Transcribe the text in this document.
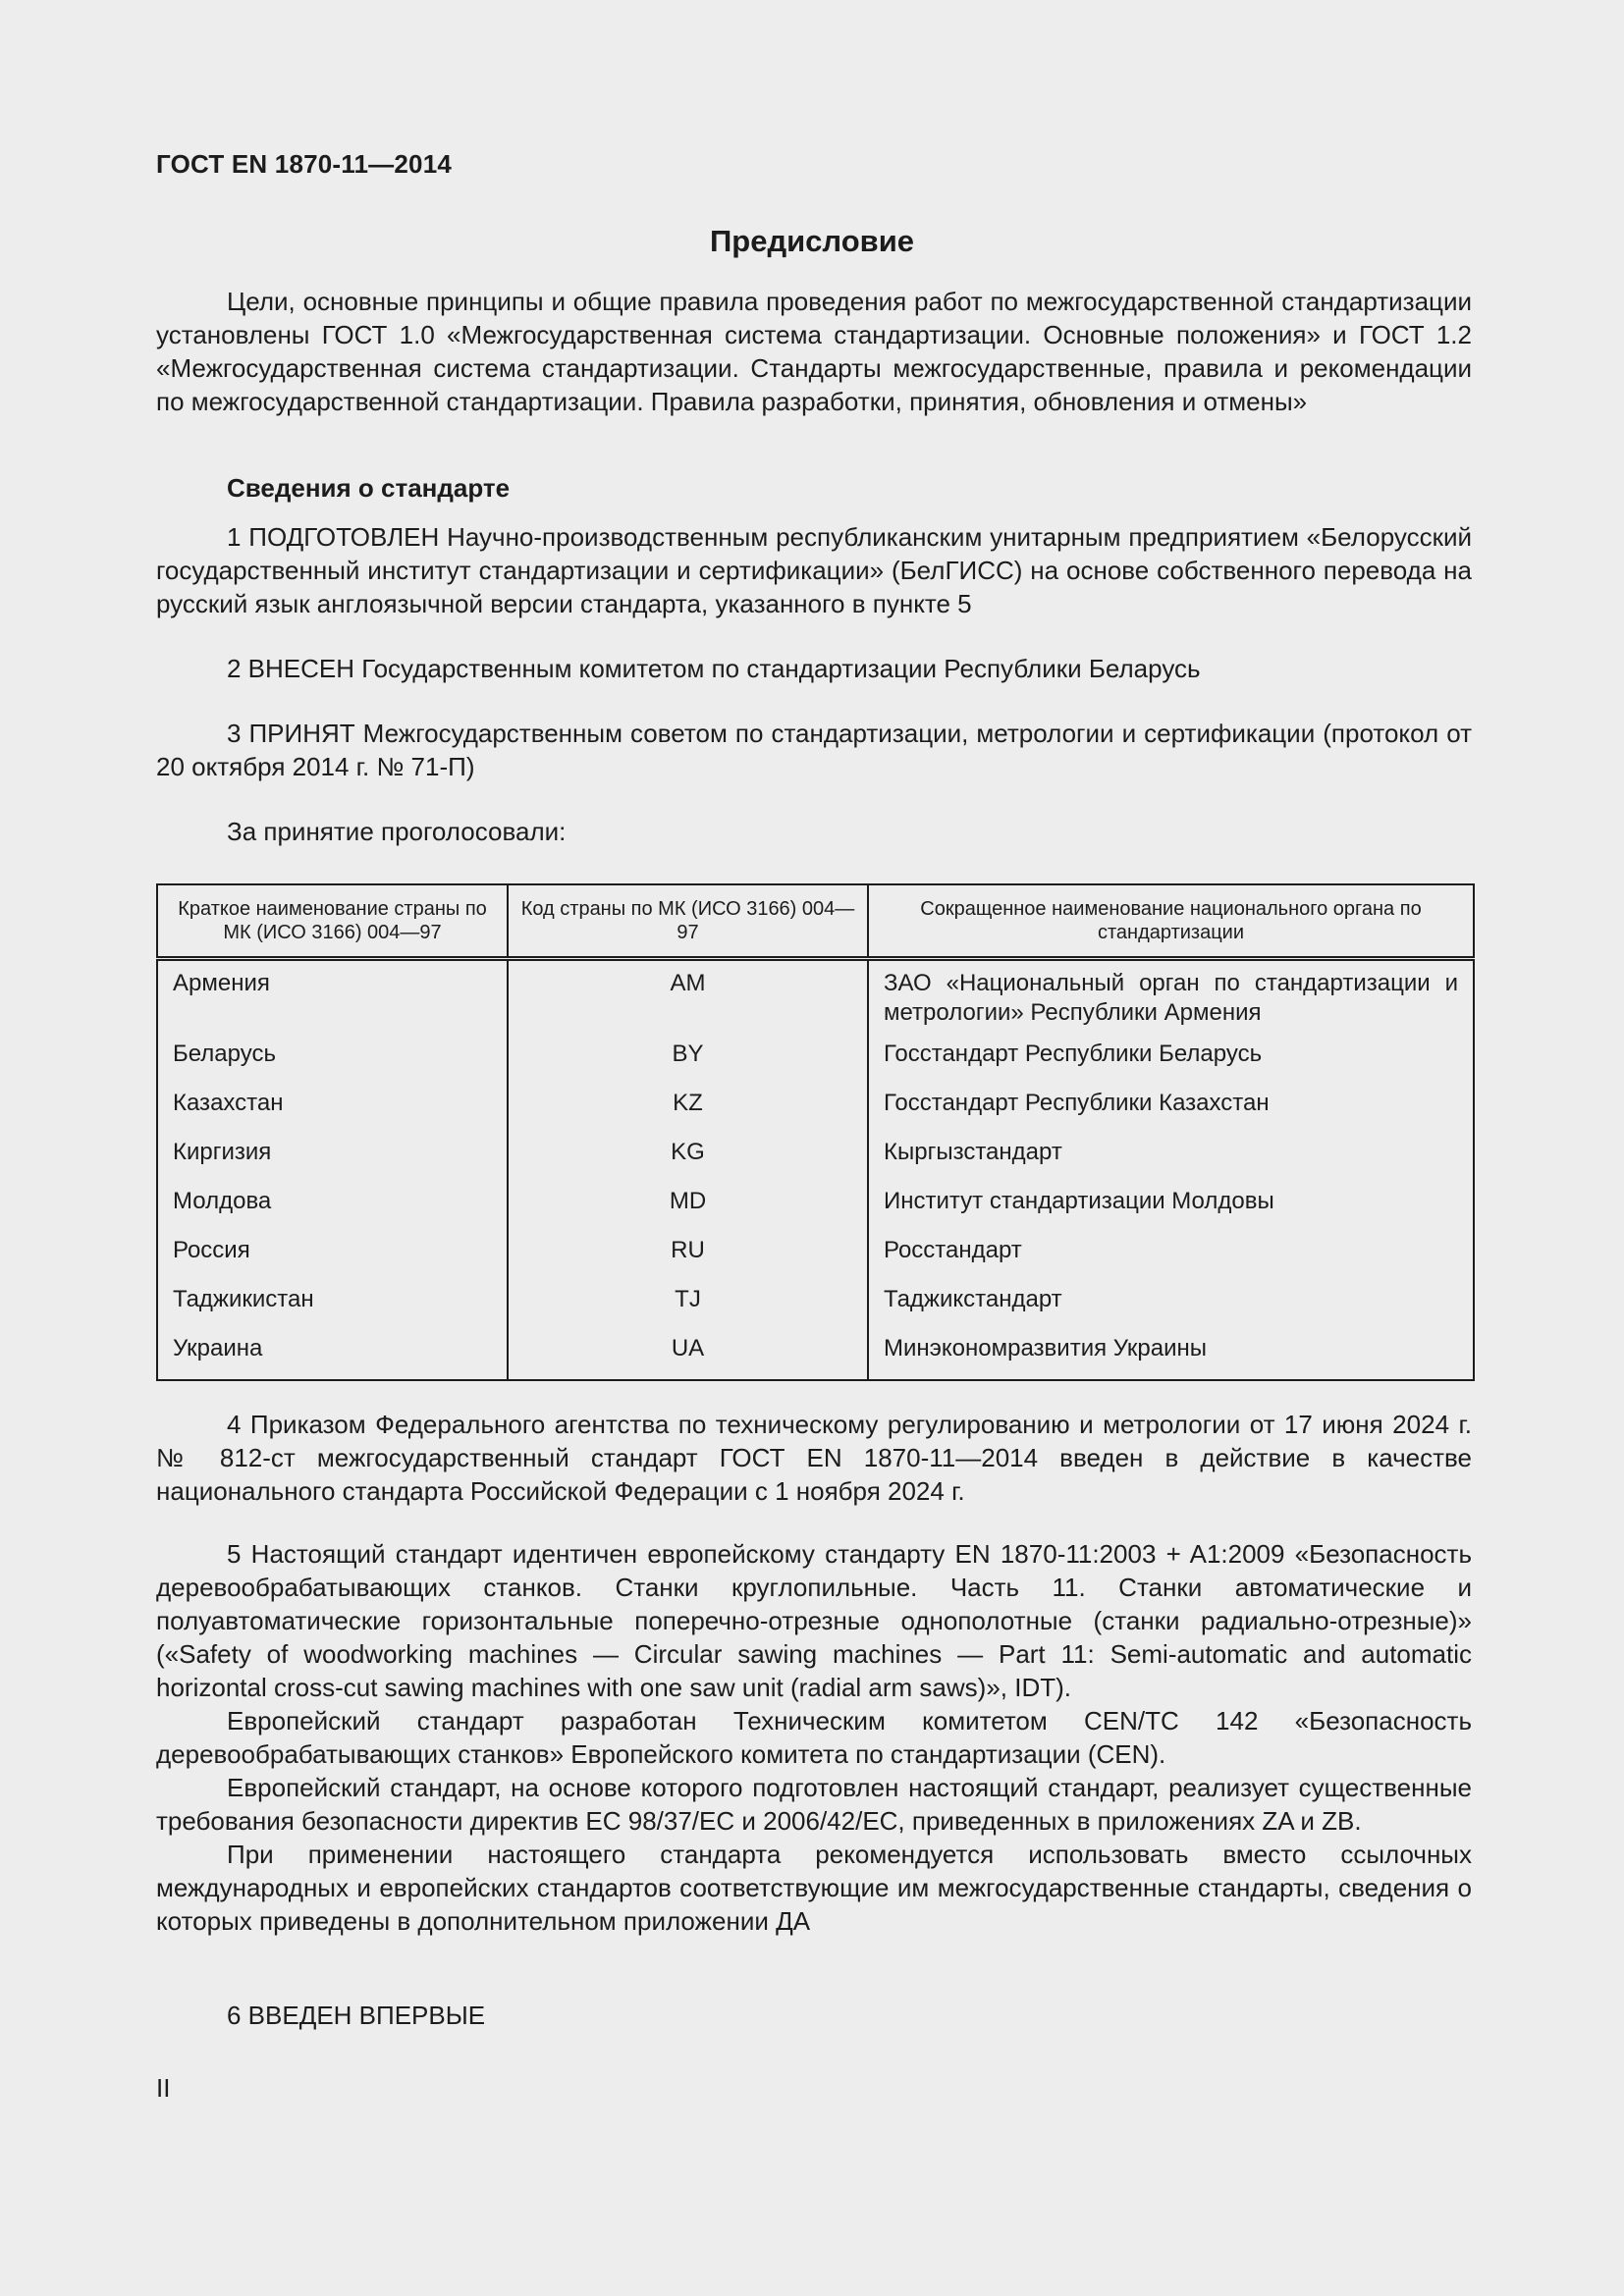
ГОСТ EN 1870-11—2014
Предисловие
Цели, основные принципы и общие правила проведения работ по межгосударственной стандартизации установлены ГОСТ 1.0 «Межгосударственная система стандартизации. Основные положения» и ГОСТ 1.2 «Межгосударственная система стандартизации. Стандарты межгосударственные, правила и рекомендации по межгосударственной стандартизации. Правила разработки, принятия, обновления и отмены»
Сведения о стандарте
1 ПОДГОТОВЛЕН Научно-производственным республиканским унитарным предприятием «Белорусский государственный институт стандартизации и сертификации» (БелГИСС) на основе собственного перевода на русский язык англоязычной версии стандарта, указанного в пункте 5
2 ВНЕСЕН Государственным комитетом по стандартизации Республики Беларусь
3 ПРИНЯТ Межгосударственным советом по стандартизации, метрологии и сертификации (протокол от 20 октября 2014 г. № 71-П)
За принятие проголосовали:
Краткое наименование страны по МК (ИСО 3166) 004—97	Код страны по МК (ИСО 3166) 004—97	Сокращенное наименование национального органа по стандартизации
Армения	AM	ЗАО «Национальный орган по стандартизации и метрологии» Республики Армения
Беларусь	BY	Госстандарт Республики Беларусь
Казахстан	KZ	Госстандарт Республики Казахстан
Киргизия	KG	Кыргызстандарт
Молдова	MD	Институт стандартизации Молдовы
Россия	RU	Росстандарт
Таджикистан	TJ	Таджикстандарт
Украина	UA	Минэкономразвития Украины
4 Приказом Федерального агентства по техническому регулированию и метрологии от 17 июня 2024 г. № 812-ст межгосударственный стандарт ГОСТ EN 1870-11—2014 введен в действие в качестве национального стандарта Российской Федерации с 1 ноября 2024 г.

5 Настоящий стандарт идентичен европейскому стандарту EN 1870-11:2003 + A1:2009 «Безопасность деревообрабатывающих станков. Станки круглопильные. Часть 11. Станки автоматические и полуавтоматические горизонтальные поперечно-отрезные однополотные (станки радиально-отрезные)» («Safety of woodworking machines — Circular sawing machines — Part 11: Semi-automatic and automatic horizontal cross-cut sawing machines with one saw unit (radial arm saws)», IDT).

Европейский стандарт разработан Техническим комитетом CEN/TC 142 «Безопасность деревообрабатывающих станков» Европейского комитета по стандартизации (CEN).

Европейский стандарт, на основе которого подготовлен настоящий стандарт, реализует существенные требования безопасности директив ЕС 98/37/EC и 2006/42/EC, приведенных в приложениях ZA и ZB.

При применении настоящего стандарта рекомендуется использовать вместо ссылочных международных и европейских стандартов соответствующие им межгосударственные стандарты, сведения о которых приведены в дополнительном приложении ДА

6 ВВЕДЕН ВПЕРВЫЕ
II
